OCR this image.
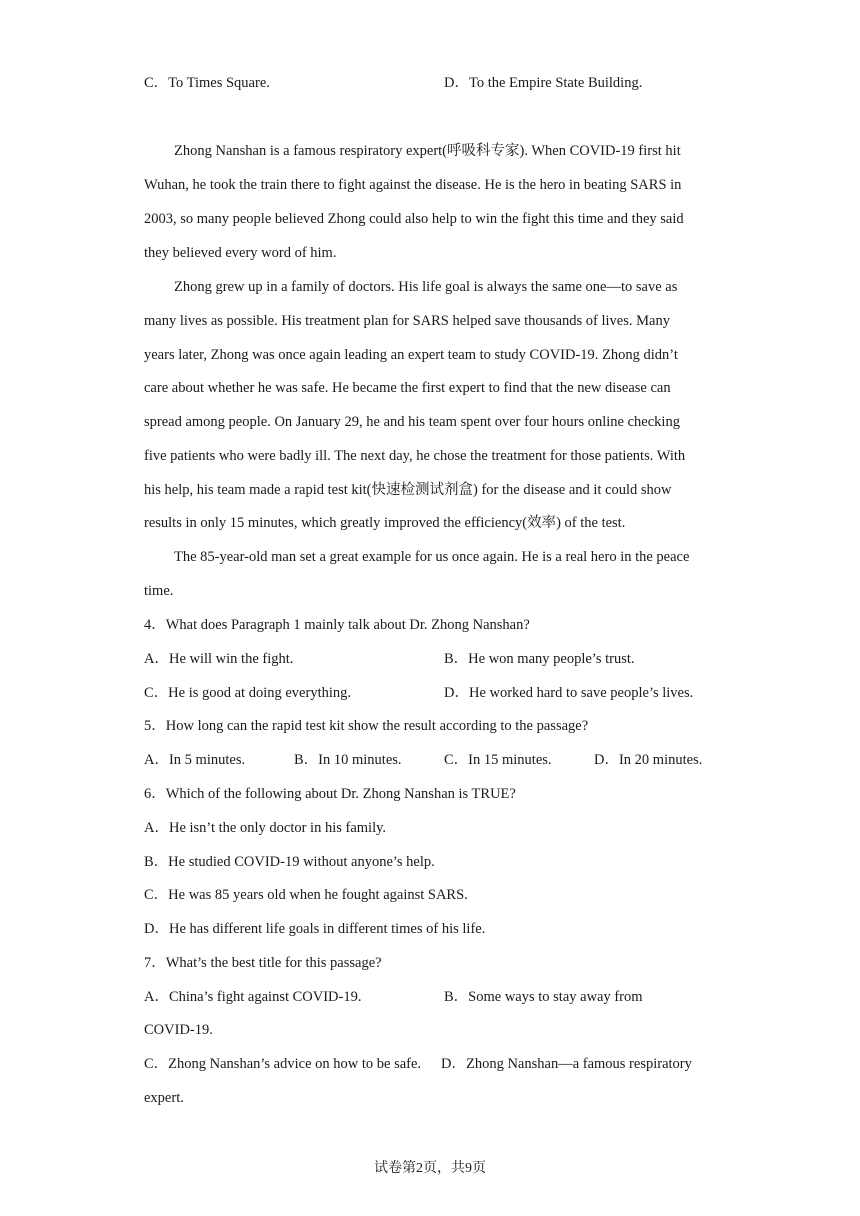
C．To Times Square.	D．To the Empire State Building.
Zhong Nanshan is a famous respiratory expert(呼吸科专家). When COVID-19 first hit
Wuhan, he took the train there to fight against the disease. He is the hero in beating SARS in
2003, so many people believed Zhong could also help to win the fight this time and they said
they believed every word of him.
Zhong grew up in a family of doctors. His life goal is always the same one—to save as
many lives as possible. His treatment plan for SARS helped save thousands of lives. Many
years later, Zhong was once again leading an expert team to study COVID-19. Zhong didn’t
care about whether he was safe. He became the first expert to find that the new disease can
spread among people. On January 29, he and his team spent over four hours online checking
five patients who were badly ill. The next day, he chose the treatment for those patients. With
his help, his team made a rapid test kit(快速检测试剂盒) for the disease and it could show
results in only 15 minutes, which greatly improved the efficiency(效率) of the test.
The 85-year-old man set a great example for us once again. He is a real hero in the peace
time.
4．What does Paragraph 1 mainly talk about Dr. Zhong Nanshan?
A．He will win the fight.	B．He won many people’s trust.
C．He is good at doing everything.	D．He worked hard to save people’s lives.
5．How long can the rapid test kit show the result according to the passage?
A．In 5 minutes.	B．In 10 minutes.	C．In 15 minutes.	D．In 20 minutes.
6．Which of the following about Dr. Zhong Nanshan is TRUE?
A．He isn’t the only doctor in his family.
B．He studied COVID-19 without anyone’s help.
C．He was 85 years old when he fought against SARS.
D．He has different life goals in different times of his life.
7．What’s the best title for this passage?
A．China’s fight against COVID-19.	B．Some ways to stay away from
COVID-19.
C．Zhong Nanshan’s advice on how to be safe. D．Zhong Nanshan—a famous respiratory
expert.
试卷第2页，共9页
